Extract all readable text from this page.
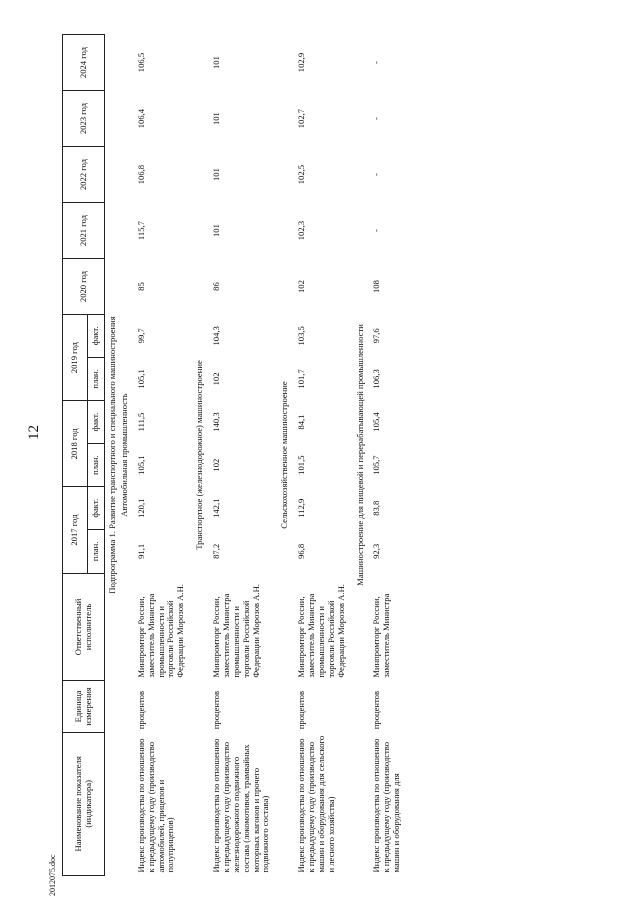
12
2012075.doc
Наименование показателя (индикатора)	Единица измерения	Ответственный исполнитель	2017 год		2018 год		2019 год		2020 год	2021 год	2022 год	2023 год	2024 год
			план.	факт.	план.	факт.	план.	факт.					
Подпрограмма 1. Развитие транспортного и специального машиностроения													
Автомобильная промышленность													
Индекс производства по отношению к предыдущему году (производство автомобилей, прицепов и полуприцепов)	процентов	Минпромторг России, заместитель Министра промышленности и торговли Российской Федерации Морозов А.Н.	91,1	120,1	105,1	111,5	105,1	99,7	85	115,7	106,8	106,4	106,5
Транспортное (железнодорожное) машиностроение													
Индекс производства по отношению к предыдущему году (производство железнодорожного подвижного состава (локомотивов, трамвайных моторных вагонов и прочего подвижного состава)	процентов	Минпромторг России, заместитель Министра промышленности и торговли Российской Федерации Морозов А.Н.	87,2	142,1	102	140,3	102	104,3	86	101	101	101	101
Сельскохозяйственное машиностроение													
Индекс производства по отношению к предыдущему году (производство машин и оборудования для сельского и лесного хозяйства)	процентов	Минпромторг России, заместитель Министра промышленности и торговли Российской Федерации Морозов А.Н.	96,8	112,9	101,5	84,1	101,7	103,5	102	102,3	102,5	102,7	102,9
Машиностроение для пищевой и перерабатывающей промышленности													
Индекс производства по отношению к предыдущему году (производство машин и оборудования для	процентов	Минпромторг России, заместитель Министра	92,3	83,8	105,7	105,4	106,3	97,6	108	-	-	-	-
